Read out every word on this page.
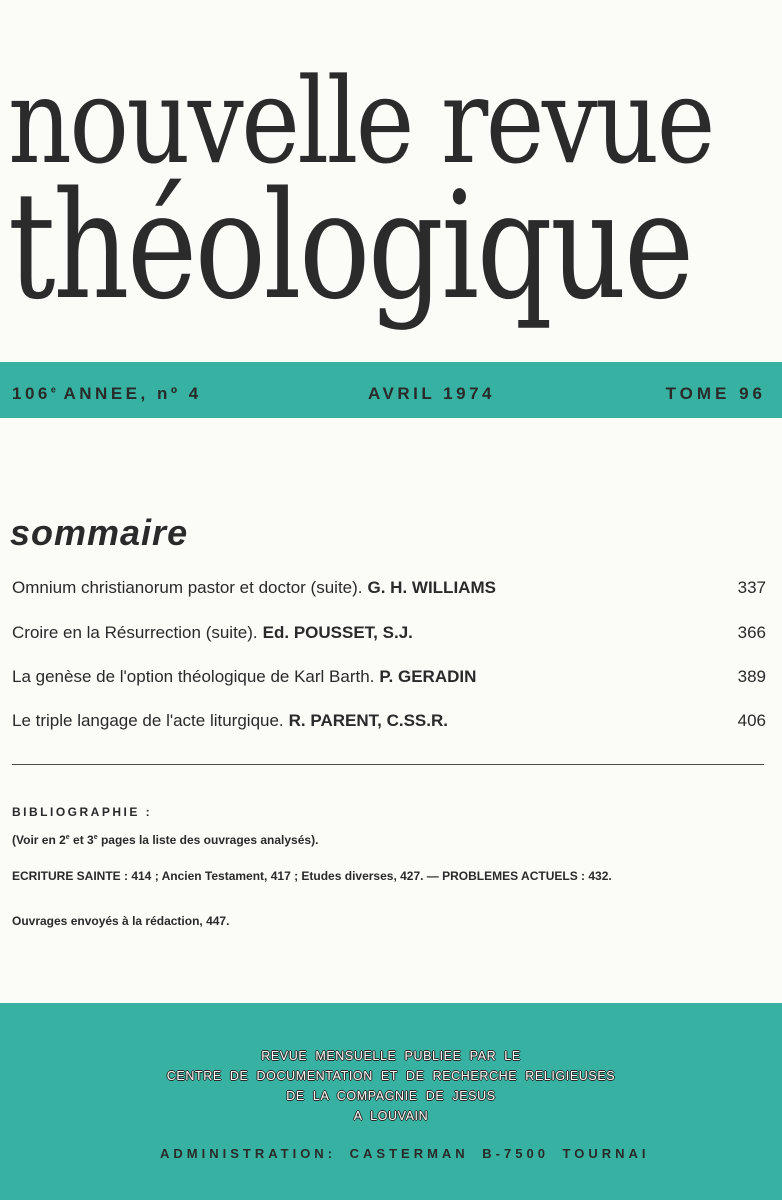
nouvelle revue
théologique
106e ANNEE, nº 4	AVRIL 1974	TOME 96
sommaire
Omnium christianorum pastor et doctor (suite). G. H. WILLIAMS	337
Croire en la Résurrection (suite). Ed. POUSSET, S.J.	366
La genèse de l'option théologique de Karl Barth. P. GERADIN	389
Le triple langage de l'acte liturgique. R. PARENT, C.SS.R.	406
BIBLIOGRAPHIE :
(Voir en 2e et 3e pages la liste des ouvrages analysés).
ECRITURE SAINTE : 414 ; Ancien Testament, 417 ; Etudes diverses, 427. — PROBLEMES ACTUELS : 432.
Ouvrages envoyés à la rédaction, 447.
REVUE MENSUELLE PUBLIEE PAR LE
CENTRE DE DOCUMENTATION ET DE RECHERCHE RELIGIEUSES
DE LA COMPAGNIE DE JESUS
A LOUVAIN
ADMINISTRATION: CASTERMAN B-7500 TOURNAI
